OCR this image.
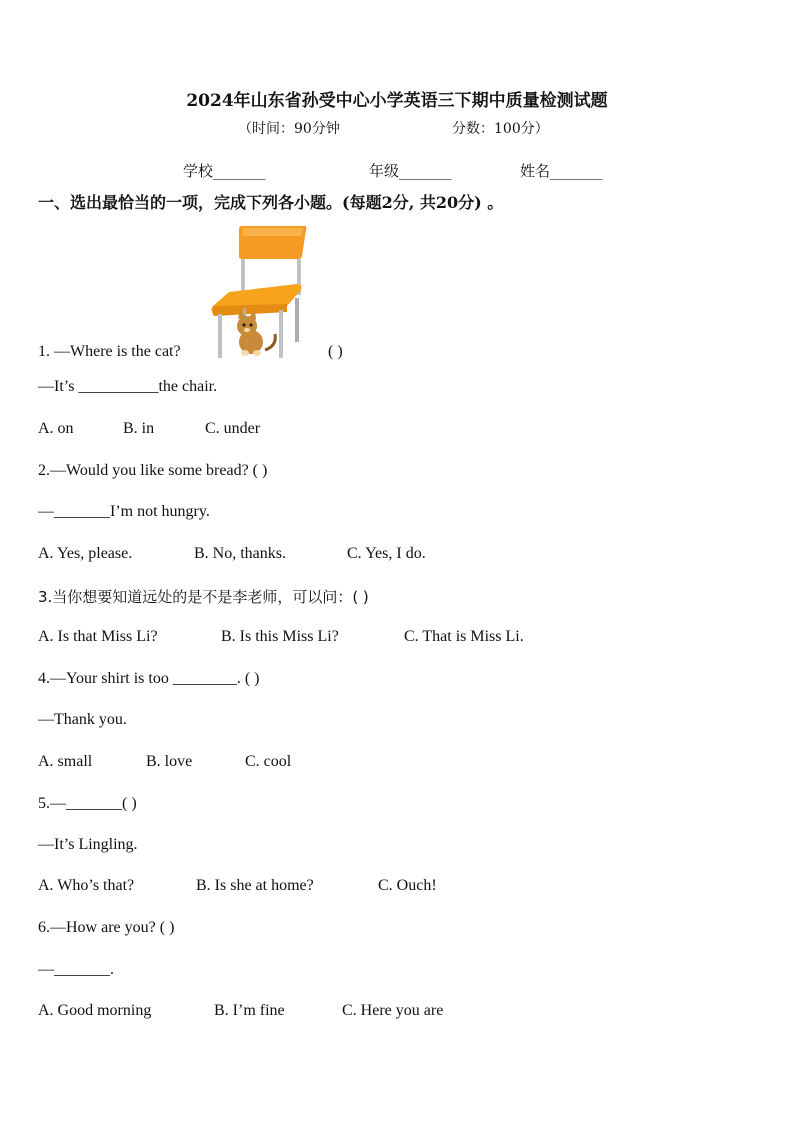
2024年山东省孙受中心小学英语三下期中质量检测试题
（时间：90分钟	分数：100分）
学校_______	年级_______	姓名_______
一、选出最恰当的一项，完成下列各小题。(每题2分, 共20分) 。
1. —Where is the cat?	( )
—It’s __________the chair.
A. on	B. in	C. under
2.—Would you like some bread? ( )
—_______I’m not hungry.
A. Yes, please.	B. No, thanks.	C. Yes, I do.
3.当你想要知道远处的是不是李老师，可以问：( )
A. Is that Miss Li?	B. Is this Miss Li?	C. That is Miss Li.
4.—Your shirt is too ________. ( )
—Thank you.
A. small	B. love	C. cool
5.—_______( )
—It’s Lingling.
A. Who’s that?	B. Is she at home?	C. Ouch!
6.—How are you? ( )
—_______.
A. Good morning	B. I’m fine	C. Here you are
